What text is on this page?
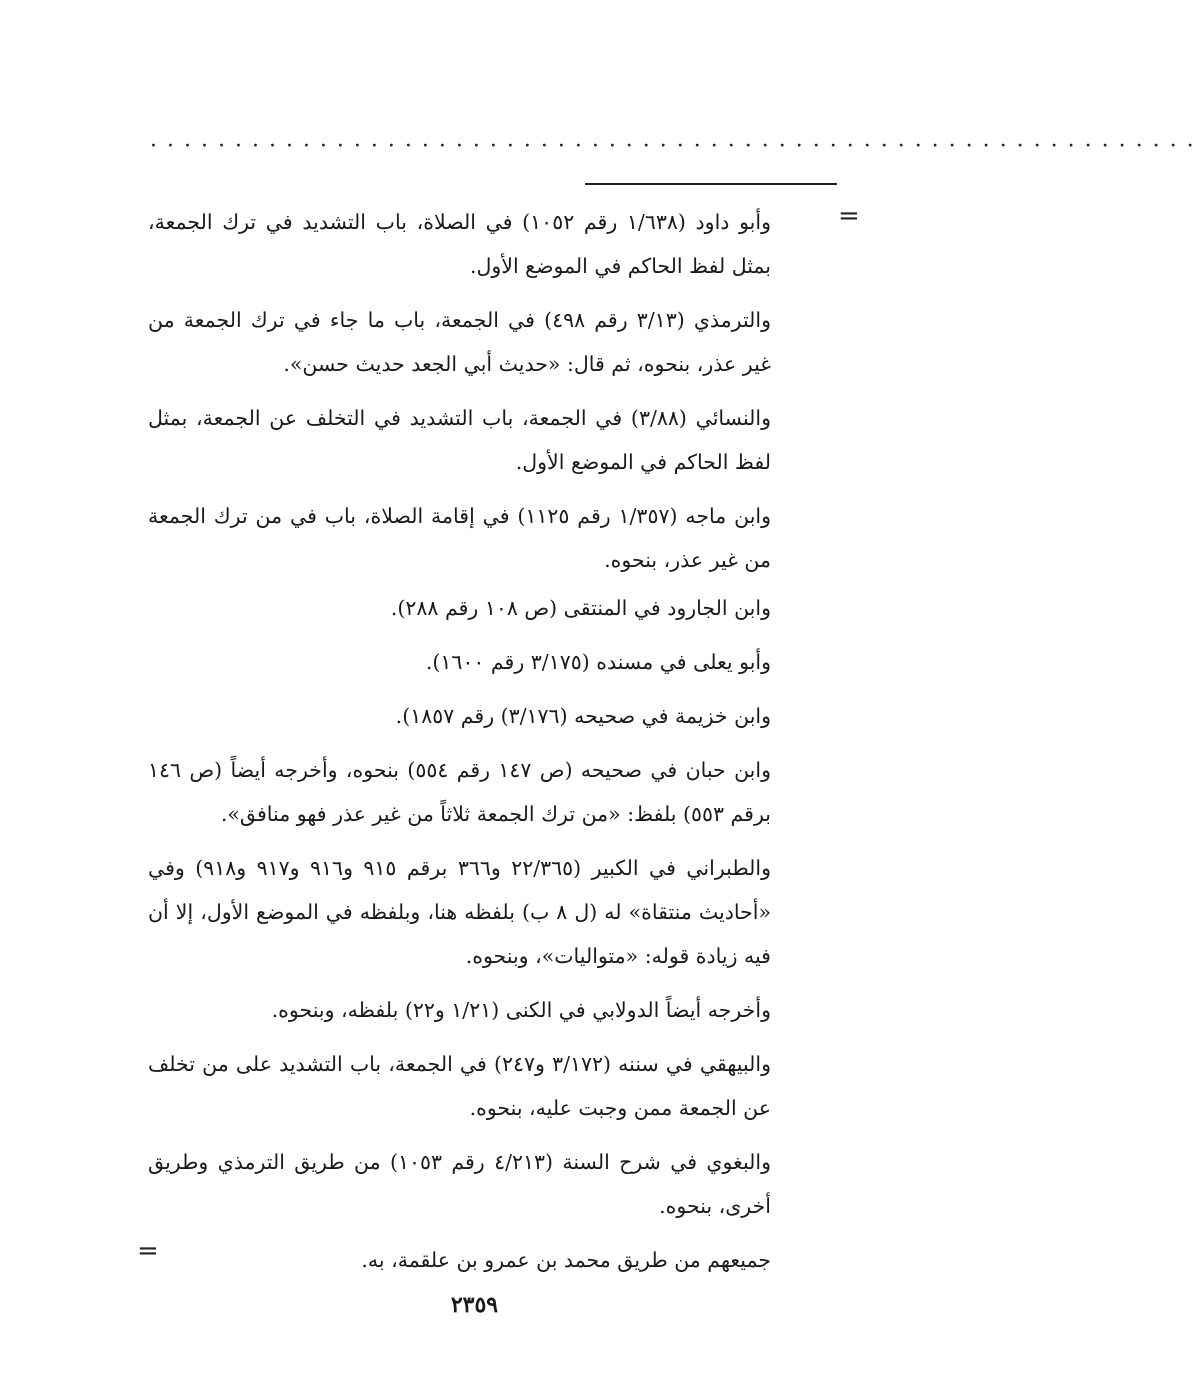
······························································
=

وأبو داود (١/٦٣٨ رقم ١٠٥٢) في الصلاة، باب التشديد في ترك الجمعة، بمثل لفظ الحاكم في الموضع الأول.

والترمذي (٣/١٣ رقم ٤٩٨) في الجمعة، باب ما جاء في ترك الجمعة من غير عذر، بنحوه، ثم قال: «حديث أبي الجعد حديث حسن».

والنسائي (٣/٨٨) في الجمعة، باب التشديد في التخلف عن الجمعة، بمثل لفظ الحاكم في الموضع الأول.

وابن ماجه (١/٣٥٧ رقم ١١٢٥) في إقامة الصلاة، باب في من ترك الجمعة من غير عذر، بنحوه.

وابن الجارود في المنتقى (ص ١٠٨ رقم ٢٨٨).

وأبو يعلى في مسنده (٣/١٧٥ رقم ١٦٠٠).

وابن خزيمة في صحيحه (٣/١٧٦) رقم ١٨٥٧).

وابن حبان في صحيحه (ص ١٤٧ رقم ٥٥٤) بنحوه، وأخرجه أيضاً (ص ١٤٦ برقم ٥٥٣) بلفظ: «من ترك الجمعة ثلاثاً من غير عذر فهو منافق».

والطبراني في الكبير (٢٢/٣٦٥ و٣٦٦ برقم ٩١٥ و٩١٦ و٩١٧ و٩١٨) وفي «أحاديث منتقاة» له (ل ٨ ب) بلفظه هنا، وبلفظه في الموضع الأول، إلا أن فيه زيادة قوله: «متواليات»، وبنحوه.

وأخرجه أيضاً الدولابي في الكنى (١/٢١ و٢٢) بلفظه، وبنحوه.

والبيهقي في سننه (٣/١٧٢ و٢٤٧) في الجمعة، باب التشديد على من تخلف عن الجمعة ممن وجبت عليه، بنحوه.

والبغوي في شرح السنة (٤/٢١٣ رقم ١٠٥٣) من طريق الترمذي وطريق أخرى، بنحوه.

جميعهم من طريق محمد بن عمرو بن علقمة، به.

=
٢٣٥٩
